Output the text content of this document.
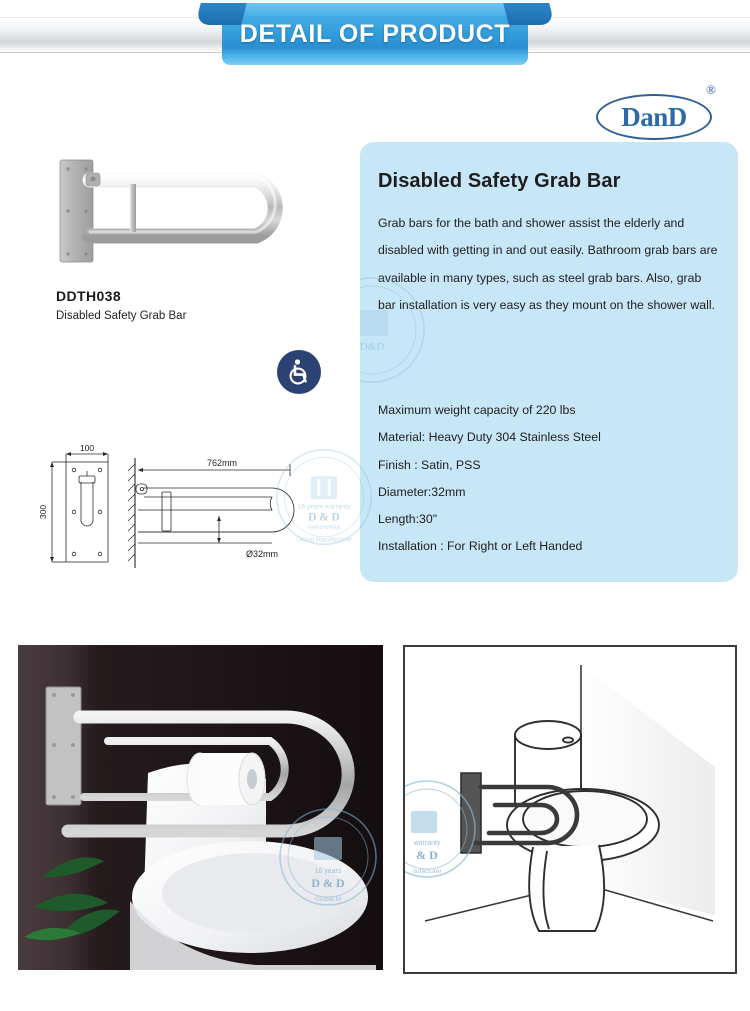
DETAIL OF PRODUCT
DanD
®
Disabled Safety Grab Bar
Grab bars for the bath and shower assist the elderly and disabled with getting in and out easily. Bathroom grab bars are available in many types, such as steel grab bars. Also, grab bar installation is very easy as they mount on the shower wall.
Maximum weight capacity of 220 lbs
Material: Heavy Duty 304 Stainless Steel
Finish : Satin, PSS
Diameter:32mm
Length:30"
Installation : For Right or Left Handed
D&D
DDTH038
Disabled Safety Grab Bar
100
300
762mm
Ø32mm
16 years warranty
D & D
HARDWARE
Global Manufacturer
16 years
D & D
Global M
warranty
& D
nufacturer
